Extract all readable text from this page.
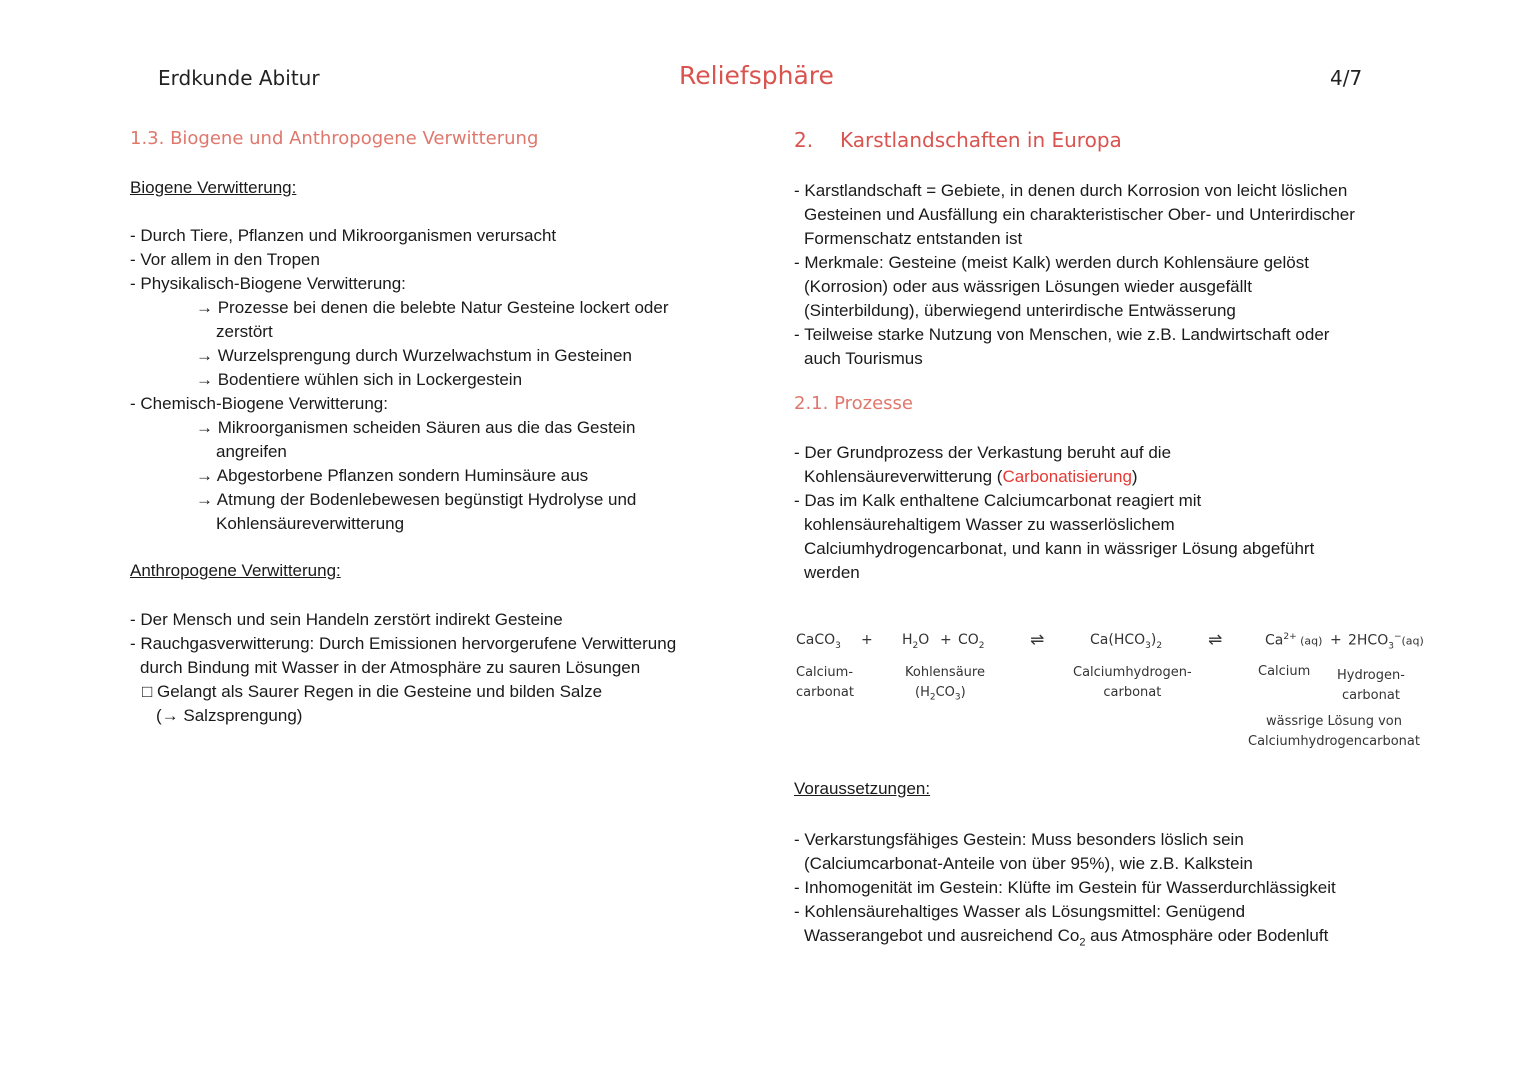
Erdkunde Abitur	Reliefsphäre	4/7
1.3. Biogene und Anthropogene Verwitterung
Biogene Verwitterung:
- Durch Tiere, Pflanzen und Mikroorganismen verursacht
- Vor allem in den Tropen
- Physikalisch-Biogene Verwitterung:
→ Prozesse bei denen die belebte Natur Gesteine lockert oder
zerstört
→ Wurzelsprengung durch Wurzelwachstum in Gesteinen
→ Bodentiere wühlen sich in Lockergestein
- Chemisch-Biogene Verwitterung:
→ Mikroorganismen scheiden Säuren aus die das Gestein
angreifen
→ Abgestorbene Pflanzen sondern Huminsäure aus
→ Atmung der Bodenlebewesen begünstigt Hydrolyse und
Kohlensäureverwitterung
Anthropogene Verwitterung:
- Der Mensch und sein Handeln zerstört indirekt Gesteine
- Rauchgasverwitterung: Durch Emissionen hervorgerufene Verwitterung
durch Bindung mit Wasser in der Atmosphäre zu sauren Lösungen
□ Gelangt als Saurer Regen in die Gesteine und bilden Salze
(→ Salzsprengung)
2. Karstlandschaften in Europa
- Karstlandschaft = Gebiete, in denen durch Korrosion von leicht löslichen
Gesteinen und Ausfällung ein charakteristischer Ober- und Unterirdischer
Formenschatz entstanden ist
- Merkmale: Gesteine (meist Kalk) werden durch Kohlensäure gelöst
(Korrosion) oder aus wässrigen Lösungen wieder ausgefällt
(Sinterbildung), überwiegend unterirdische Entwässerung
- Teilweise starke Nutzung von Menschen, wie z.B. Landwirtschaft oder
auch Tourismus
2.1. Prozesse
- Der Grundprozess der Verkastung beruht auf die
Kohlensäureverwitterung (Carbonatisierung)
- Das im Kalk enthaltene Calciumcarbonat reagiert mit
kohlensäurehaltigem Wasser zu wasserlöslichem
Calciumhydrogencarbonat, und kann in wässriger Lösung abgeführt
werden
CaCO$_3$ + $H_2O + CO_2$	⇌	$Ca(HCO_3)_2$	⇌	$Ca^{2+}$ $(aq) + 2HCO_3^-(aq)$
Calcium-
carbonat
Kohlensäure
$(H_2CO_3)$
Calciumhydrogen-
carbonat
Calcium Hydrogen-
carbonat
wässrige Lösung von
Calciumhydrogencarbonat
Voraussetzungen:
- Verkarstungsfähiges Gestein: Muss besonders löslich sein
(Calciumcarbonat-Anteile von über 95%), wie z.B. Kalkstein
- Inhomogenität im Gestein: Klüfte im Gestein für Wasserdurchlässigkeit
- Kohlensäurehaltiges Wasser als Lösungsmittel: Genügend
Wasserangebot und ausreichend $Co_2$ aus Atmosphäre oder Bodenluft
